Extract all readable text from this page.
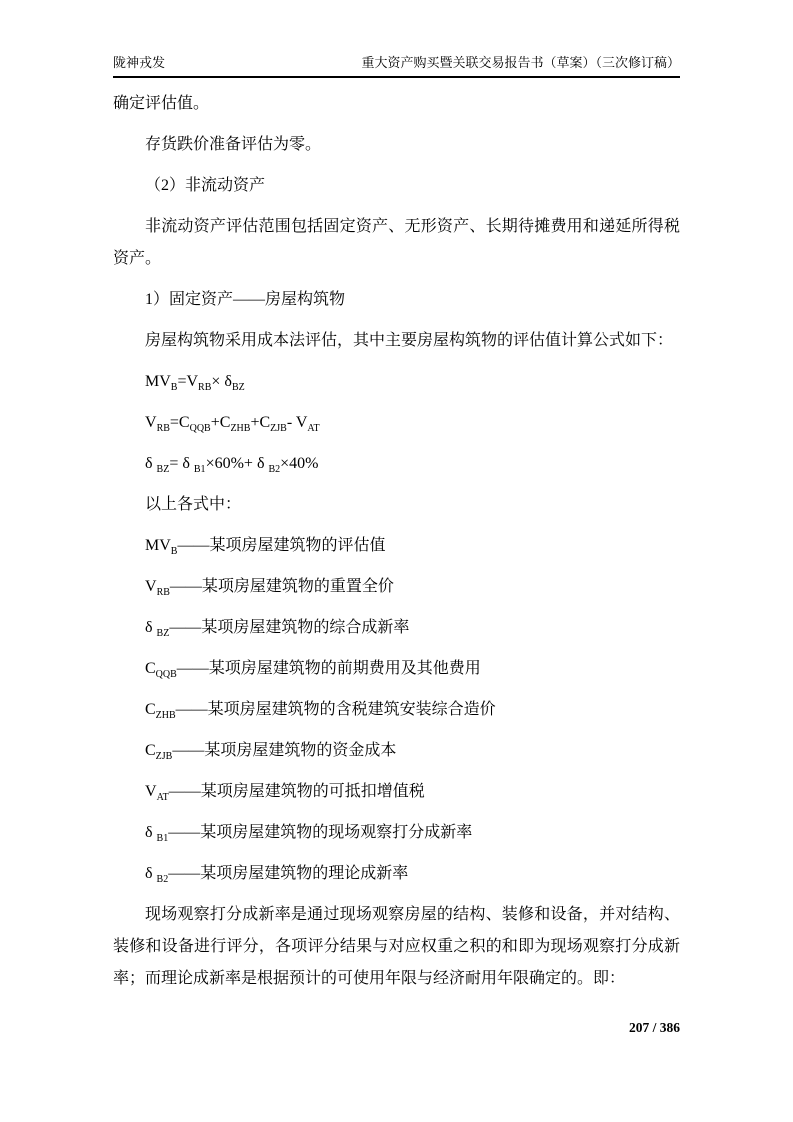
陇神戎发	重大资产购买暨关联交易报告书（草案）（三次修订稿）

确定评估值。

存货跌价准备评估为零。

（2）非流动资产

非流动资产评估范围包括固定资产、无形资产、长期待摊费用和递延所得税资产。

1）固定资产——房屋构筑物

房屋构筑物采用成本法评估，其中主要房屋构筑物的评估值计算公式如下：

$MV_B=V_{RB}\times \delta_{BZ}$

$V_{RB}=C_{QQB}+C_{ZHB}+C_{ZJB}-$ $V_{AT}$

δ $_{BZ}$= δ $_{B1}$×60%+ δ $_{B2}$×40%

以上各式中：

$MV_B——$某项房屋建筑物的评估值

$V_{RB}——$某项房屋建筑物的重置全价

δ $_{BZ}$——某项房屋建筑物的综合成新率

$C_{QQB}——$某项房屋建筑物的前期费用及其他费用

$C_{ZHB}——$某项房屋建筑物的含税建筑安装综合造价

$C_{ZJB}——$某项房屋建筑物的资金成本

$V_{AT}——$某项房屋建筑物的可抵扣增值税

δ $_{B1}$——某项房屋建筑物的现场观察打分成新率

δ $_{B2}$——某项房屋建筑物的理论成新率

现场观察打分成新率是通过现场观察房屋的结构、装修和设备，并对结构、装修和设备进行评分，各项评分结果与对应权重之积的和即为现场观察打分成新率；而理论成新率是根据预计的可使用年限与经济耐用年限确定的。即：

207 / 386
